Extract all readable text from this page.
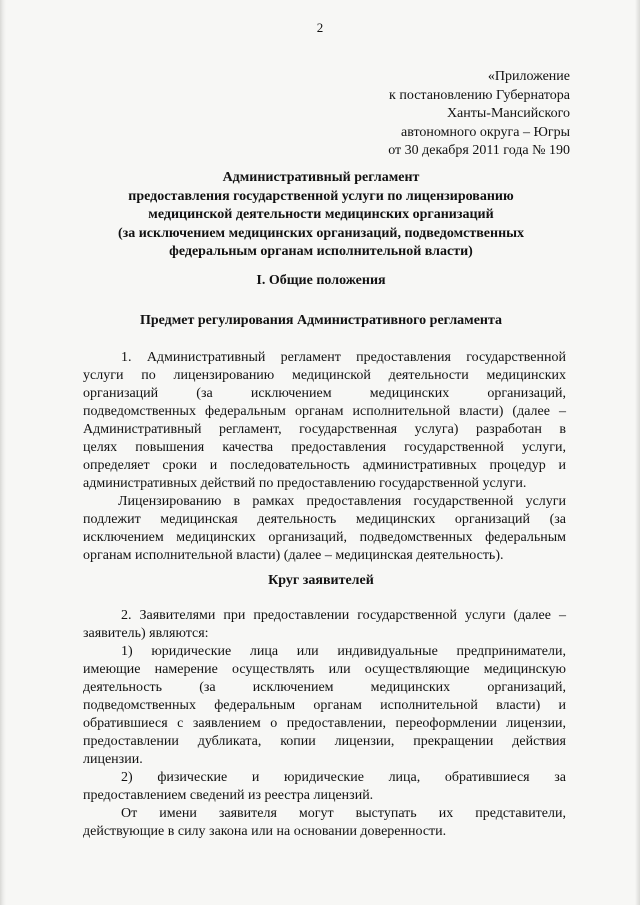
2
«Приложение
к постановлению Губернатора
Ханты-Мансийского
автономного округа – Югры
от 30 декабря 2011 года № 190
Административный регламент
предоставления государственной услуги по лицензированию
медицинской деятельности медицинских организаций
(за исключением медицинских организаций, подведомственных
федеральным органам исполнительной власти)
I. Общие положения
Предмет регулирования Административного регламента
1. Административный регламент предоставления государственной
услуги по лицензированию медицинской деятельности медицинских
организаций (за исключением медицинских организаций,
подведомственных федеральным органам исполнительной власти) (далее –
Административный регламент, государственная услуга) разработан в
целях повышения качества предоставления государственной услуги,
определяет сроки и последовательность административных процедур и
административных действий по предоставлению государственной услуги.
Лицензированию в рамках предоставления государственной услуги
подлежит медицинская деятельность медицинских организаций (за
исключением медицинских организаций, подведомственных федеральным
органам исполнительной власти) (далее – медицинская деятельность).
Круг заявителей
2. Заявителями при предоставлении государственной услуги (далее –
заявитель) являются:
1) юридические лица или индивидуальные предприниматели,
имеющие намерение осуществлять или осуществляющие медицинскую
деятельность (за исключением медицинских организаций,
подведомственных федеральным органам исполнительной власти) и
обратившиеся с заявлением о предоставлении, переоформлении лицензии,
предоставлении дубликата, копии лицензии, прекращении действия
лицензии.
2) физические и юридические лица, обратившиеся за
предоставлением сведений из реестра лицензий.
От имени заявителя могут выступать их представители,
действующие в силу закона или на основании доверенности.
